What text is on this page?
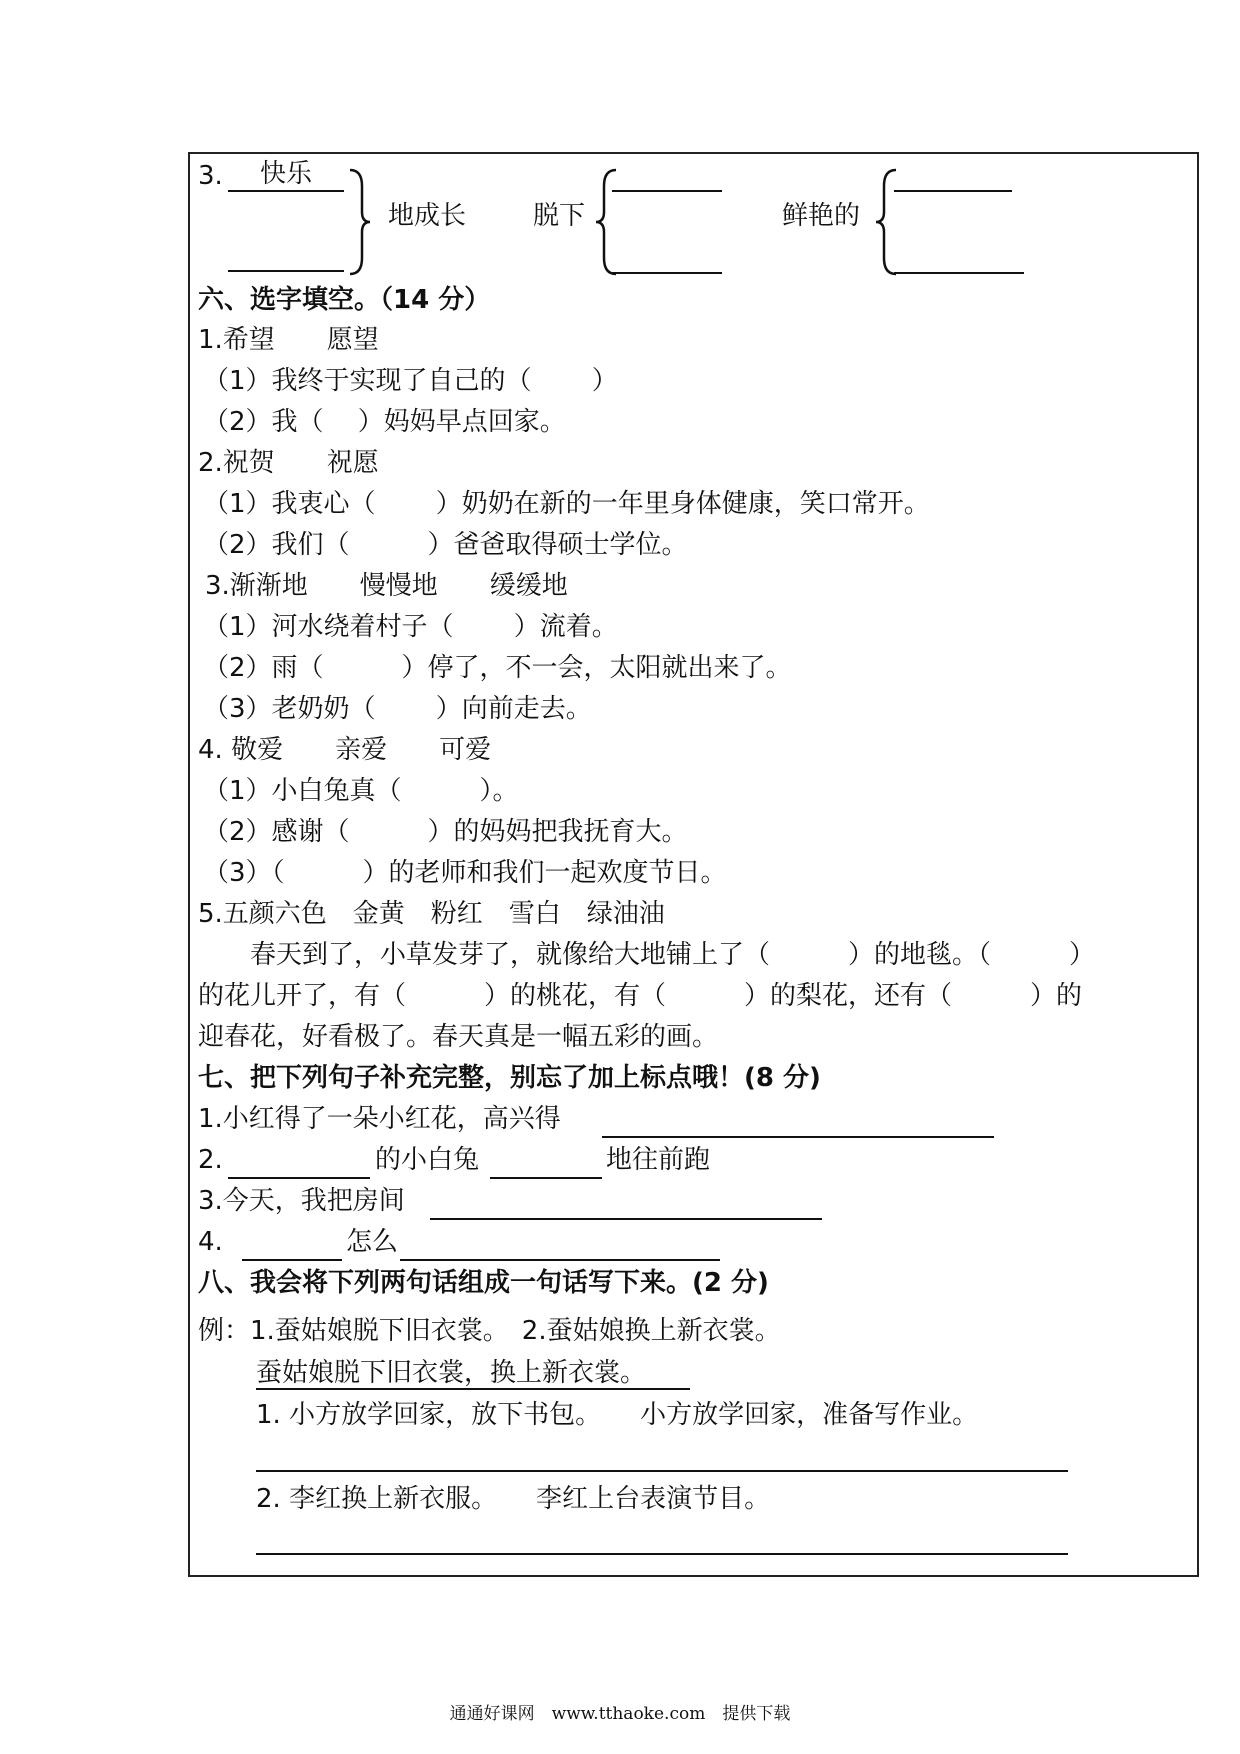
3. 快乐
地成长	脱下	鲜艳的
六、选字填空。（14 分）
1.希望　　愿望
（1）我终于实现了自己的（　　 ）
（2）我（　 ）妈妈早点回家。
2.祝贺　　祝愿
（1）我衷心（　　 ）奶奶在新的一年里身体健康，笑口常开。
（2）我们（　　　）爸爸取得硕士学位。
3.渐渐地　　慢慢地　　缓缓地
（1）河水绕着村子（　　 ）流着。
（2）雨（　　　）停了，不一会，太阳就出来了。
（3）老奶奶（　　 ）向前走去。
4. 敬爱　　亲爱　　可爱
（1）小白兔真（　　　）。
（2）感谢（　　　）的妈妈把我抚育大。
（3）（　　　）的老师和我们一起欢度节日。
5.五颜六色　金黄　粉红　雪白　绿油油
　　春天到了，小草发芽了，就像给大地铺上了（　　　）的地毯。（　　　）
的花儿开了，有（　　　）的桃花，有（　　　）的梨花，还有（　　　）的
迎春花，好看极了。春天真是一幅五彩的画。
七、把下列句子补充完整，别忘了加上标点哦！(8 分)
1.小红得了一朵小红花，高兴得
2.	的小白兔	地往前跑
3.今天，我把房间
4.	怎么
八、我会将下列两句话组成一句话写下来。(2 分)
例：1.蚕姑娘脱下旧衣裳。　2.蚕姑娘换上新衣裳。
蚕姑娘脱下旧衣裳，换上新衣裳。
1. 小方放学回家，放下书包。　　小方放学回家，准备写作业。
2. 李红换上新衣服。　　李红上台表演节目。
通通好课网　www.tthaoke.com　提供下载
